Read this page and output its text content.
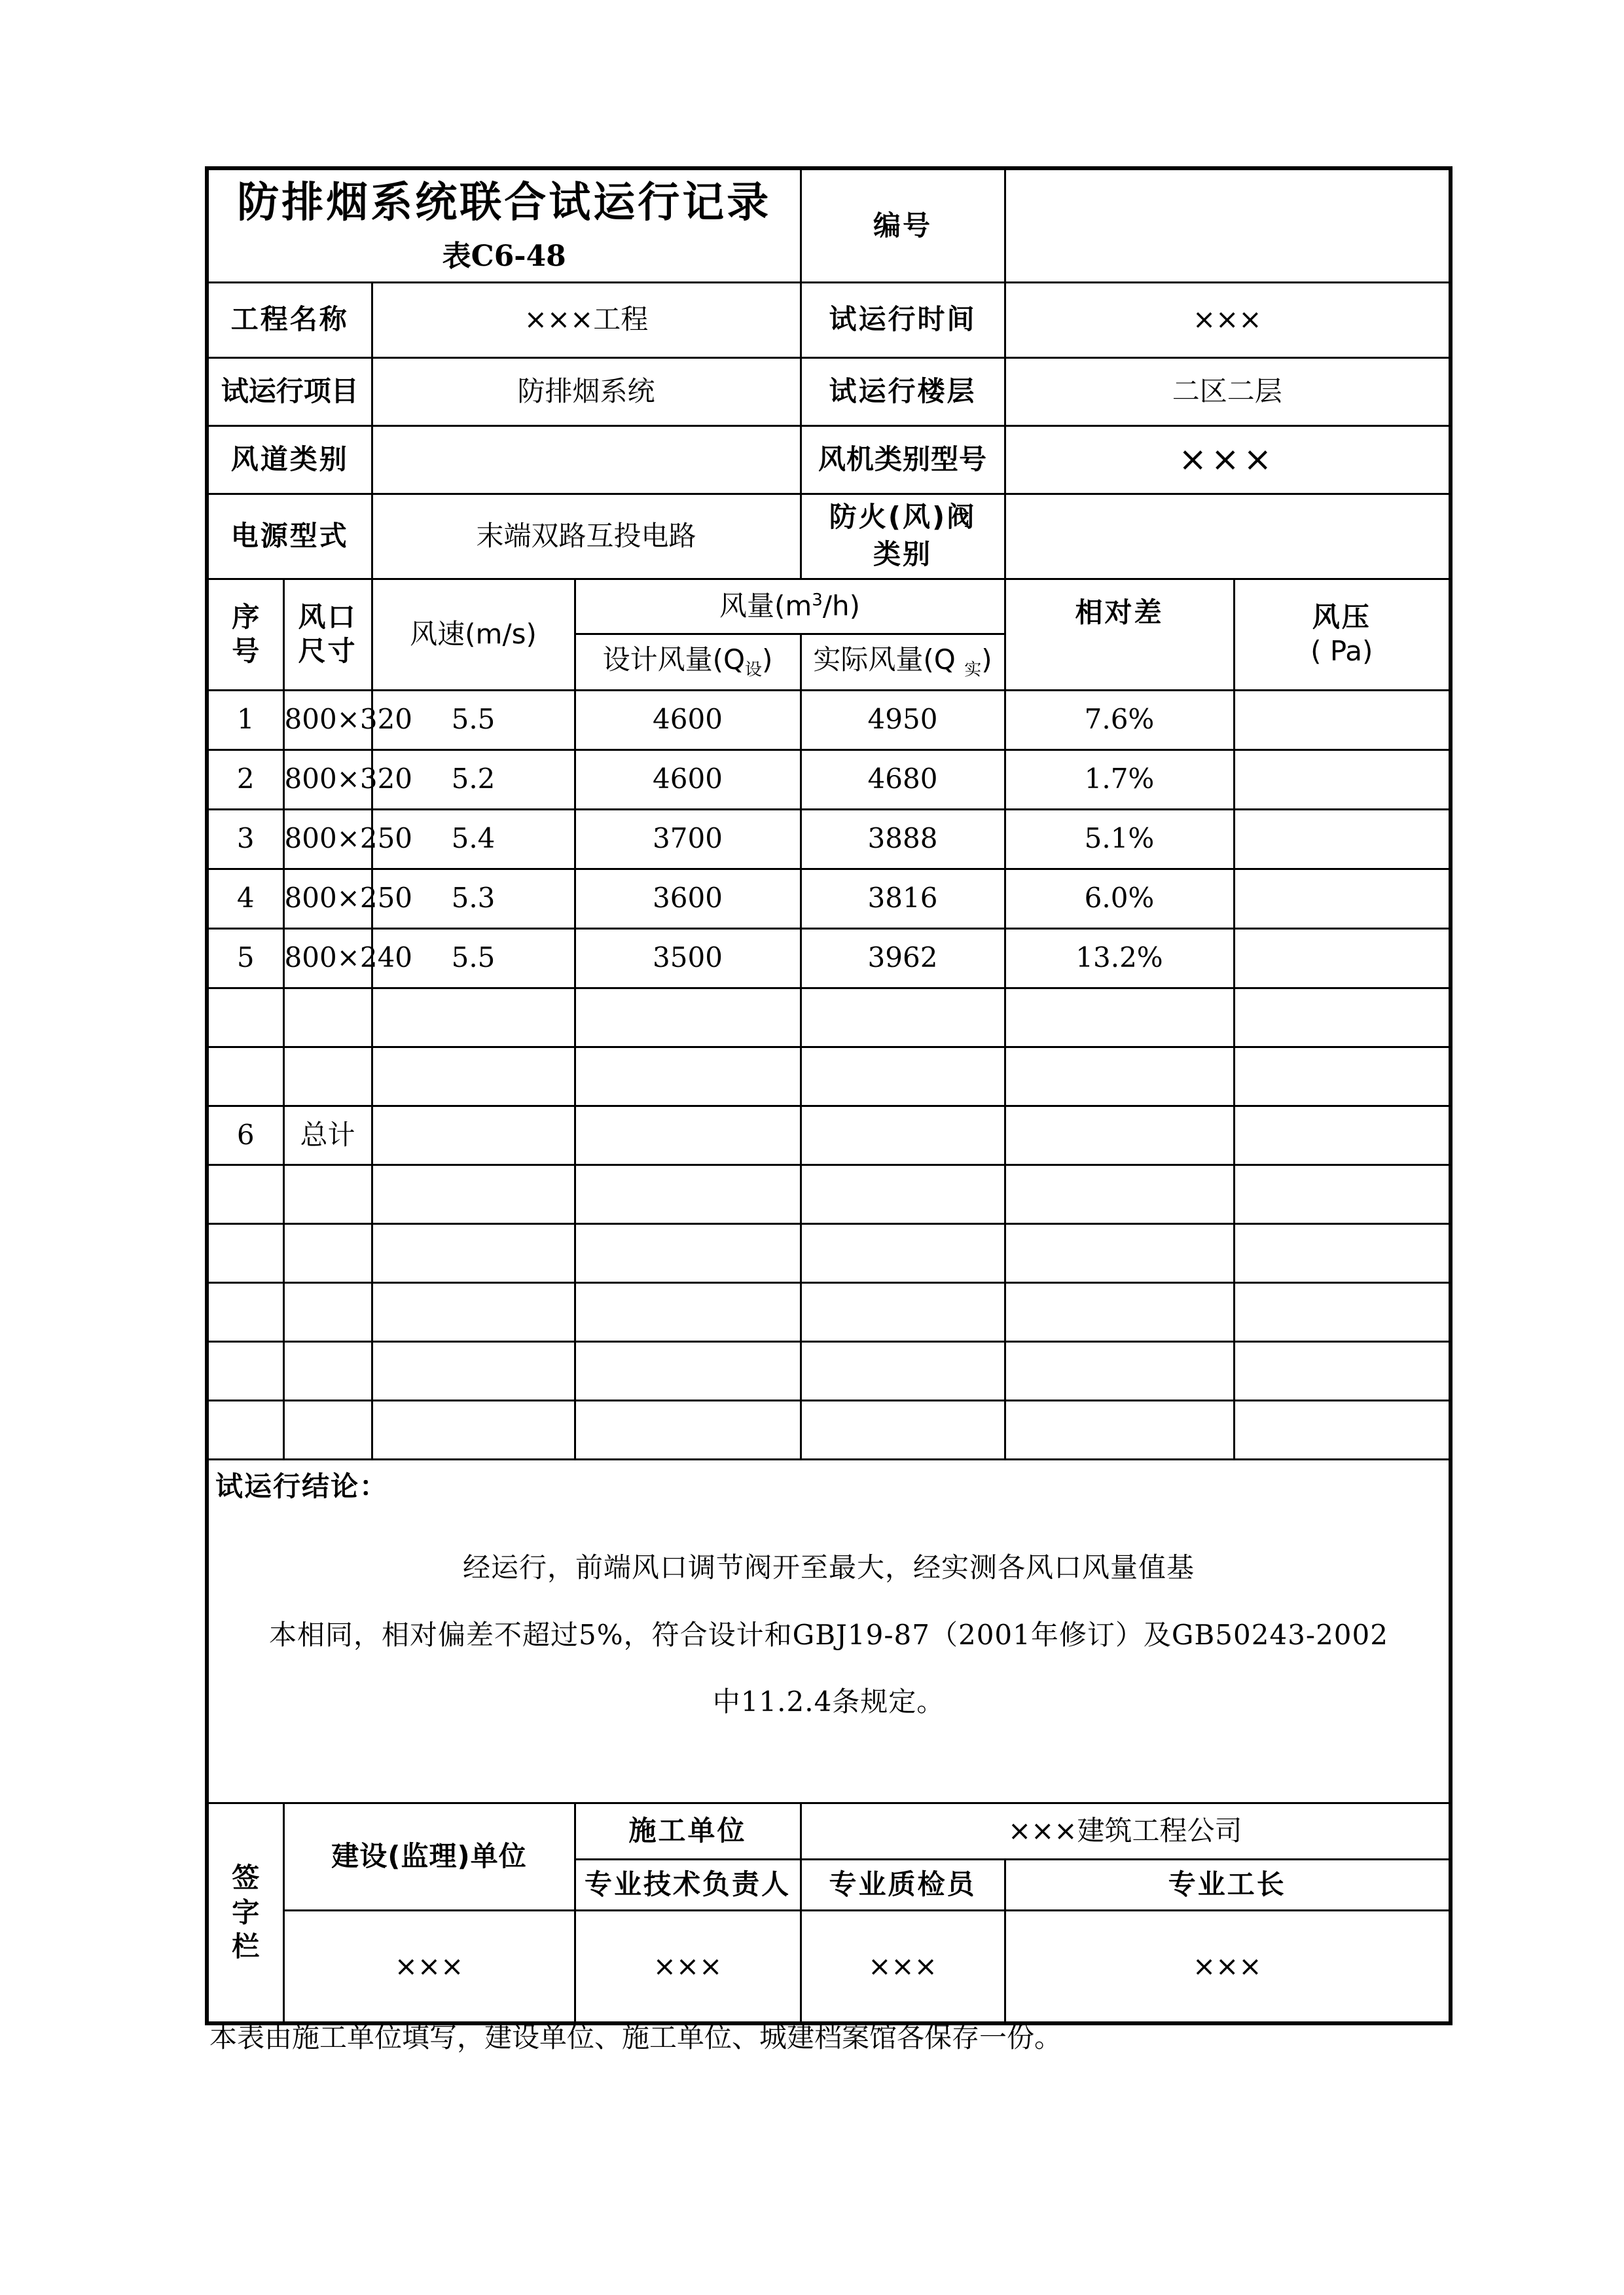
防排烟系统联合试运行记录
表C6-48				编号		
工程名称		×××工程		试运行时间	×××	
试运行项目		防排烟系统		试运行楼层	二区二层	
风道类别				风机类别型号	×××	
电源型式		末端双路互投电路		防火(风)阀
类别		
序
号	风口尺寸	风速(m/s)	风量$(m^3/h)$		相对差	风压
( Pa)
			设计风量$(Q_设)$	实际风量(Q $_实$)		
1	800×320	5.5	4600	4950	7.6%	
2	800×320	5.2	4600	4680	1.7%	
3	800×250	5.4	3700	3888	5.1%	
4	800×250	5.3	3600	3816	6.0%	
5	800×240	5.5	3500	3962	13.2%	

6	总计					

试运行结论：
经运行，前端风口调节阀开至最大，经实测各风口风量值基
本相同，相对偏差不超过5%，符合设计和GBJ19-87（2001年修订）及GB50243-2002
中11.2.4条规定。						

签
字
栏	建设(监理)单位		施工单位	×××建筑工程公司		
			专业技术负责人	专业质检员	专业工长	
	×××		×××	×××	×××	
本表由施工单位填写，建设单位、施工单位、城建档案馆各保存一份。
